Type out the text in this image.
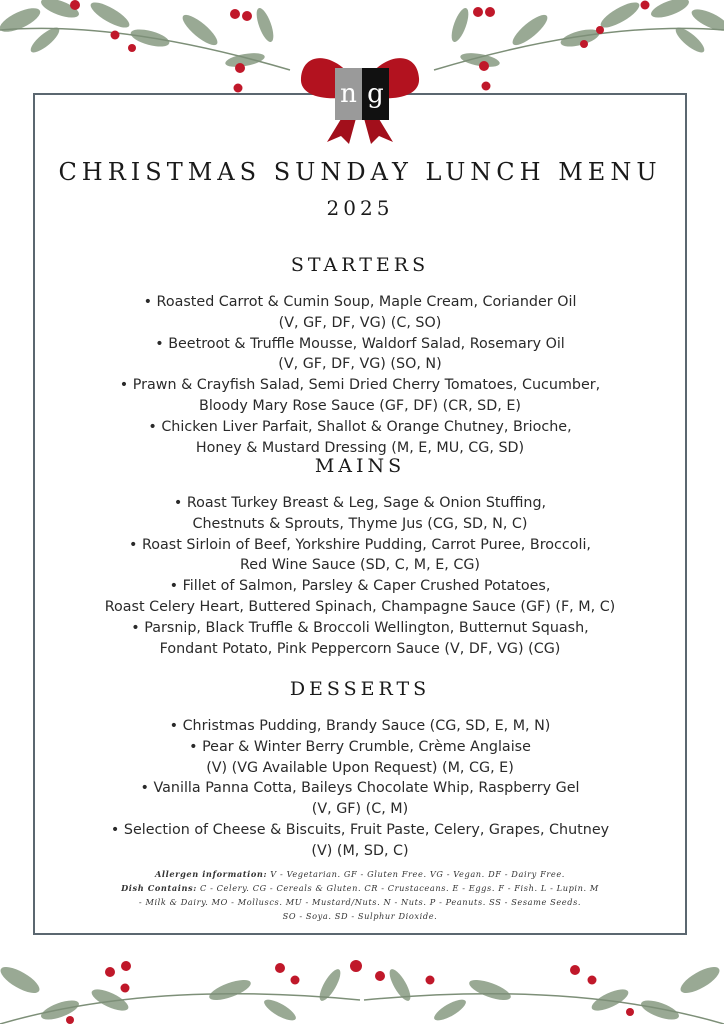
n g
CHRISTMAS SUNDAY LUNCH MENU
2025
STARTERS
• Roasted Carrot & Cumin Soup, Maple Cream, Coriander Oil
(V, GF, DF, VG) (C, SO)
• Beetroot & Truffle Mousse, Waldorf Salad, Rosemary Oil
(V, GF, DF, VG) (SO, N)
• Prawn & Crayfish Salad, Semi Dried Cherry Tomatoes, Cucumber,
Bloody Mary Rose Sauce (GF, DF) (CR, SD, E)
• Chicken Liver Parfait, Shallot & Orange Chutney, Brioche,
Honey & Mustard Dressing (M, E, MU, CG, SD)
MAINS
• Roast Turkey Breast & Leg, Sage & Onion Stuffing,
Chestnuts & Sprouts, Thyme Jus (CG, SD, N, C)
• Roast Sirloin of Beef, Yorkshire Pudding, Carrot Puree, Broccoli,
Red Wine Sauce (SD, C, M, E, CG)
• Fillet of Salmon, Parsley & Caper Crushed Potatoes,
Roast Celery Heart, Buttered Spinach, Champagne Sauce (GF) (F, M, C)
• Parsnip, Black Truffle & Broccoli Wellington, Butternut Squash,
Fondant Potato, Pink Peppercorn Sauce (V, DF, VG) (CG)
DESSERTS
• Christmas Pudding, Brandy Sauce (CG, SD, E, M, N)
• Pear & Winter Berry Crumble, Crème Anglaise
(V) (VG Available Upon Request) (M, CG, E)
• Vanilla Panna Cotta, Baileys Chocolate Whip, Raspberry Gel
(V, GF) (C, M)
• Selection of Cheese & Biscuits, Fruit Paste, Celery, Grapes, Chutney
(V) (M, SD, C)
Allergen information: V - Vegetarian. GF - Gluten Free. VG - Vegan. DF - Dairy Free.
Dish Contains: C - Celery. CG - Cereals & Gluten. CR - Crustaceans. E - Eggs. F - Fish. L - Lupin. M
- Milk & Dairy. MO - Molluscs. MU - Mustard/Nuts. N - Nuts. P - Peanuts. SS - Sesame Seeds.
SO - Soya. SD - Sulphur Dioxide.
